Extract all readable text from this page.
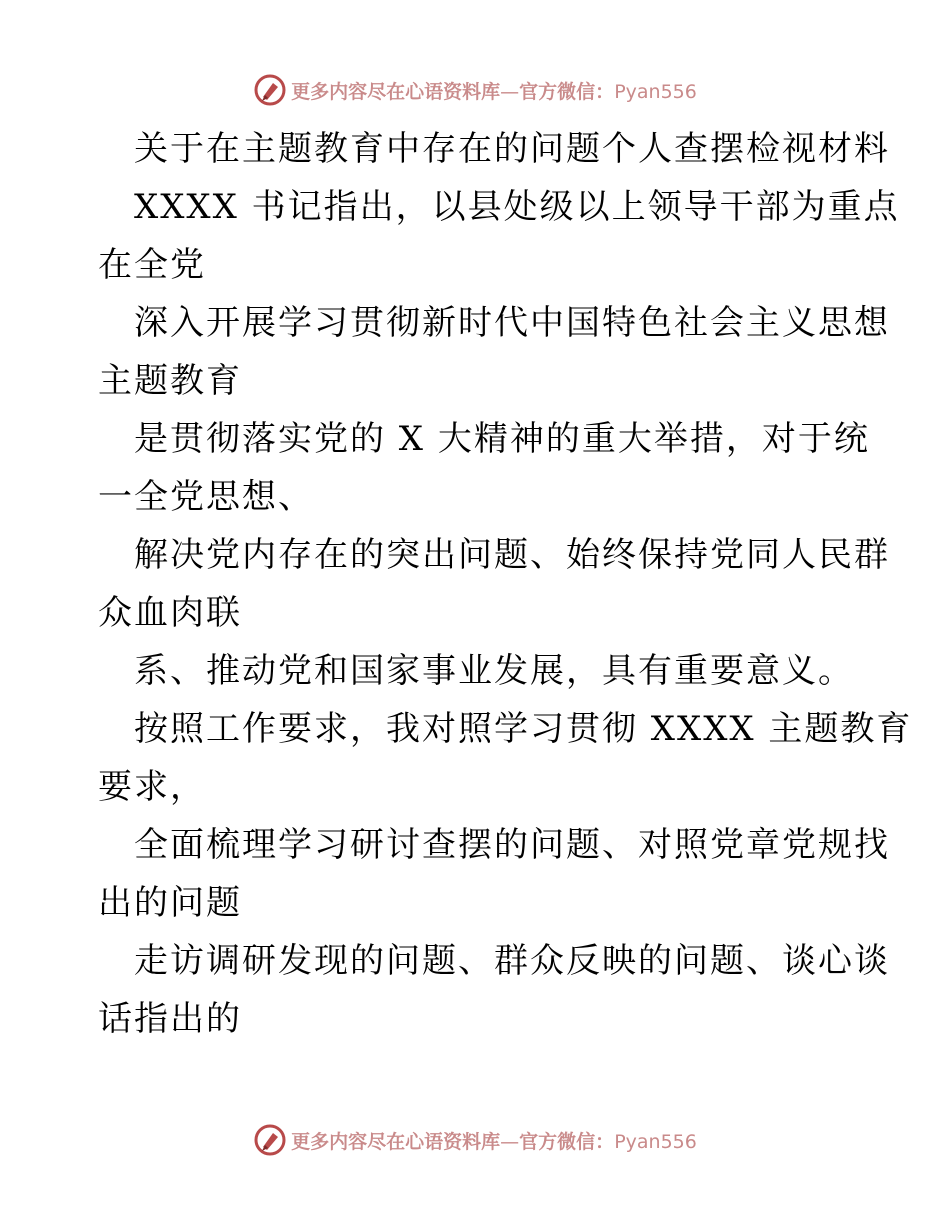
更多内容尽在心语资料库—官方微信：Pyan556
关于在主题教育中存在的问题个人查摆检视材料
XXXX 书记指出，以县处级以上领导干部为重点
在全党
深入开展学习贯彻新时代中国特色社会主义思想
主题教育
是贯彻落实党的 X 大精神的重大举措，对于统
一全党思想、
解决党内存在的突出问题、始终保持党同人民群
众血肉联
系、推动党和国家事业发展，具有重要意义。
按照工作要求，我对照学习贯彻 XXXX 主题教育
要求，
全面梳理学习研讨查摆的问题、对照党章党规找
出的问题
走访调研发现的问题、群众反映的问题、谈心谈
话指出的
更多内容尽在心语资料库—官方微信：Pyan556
